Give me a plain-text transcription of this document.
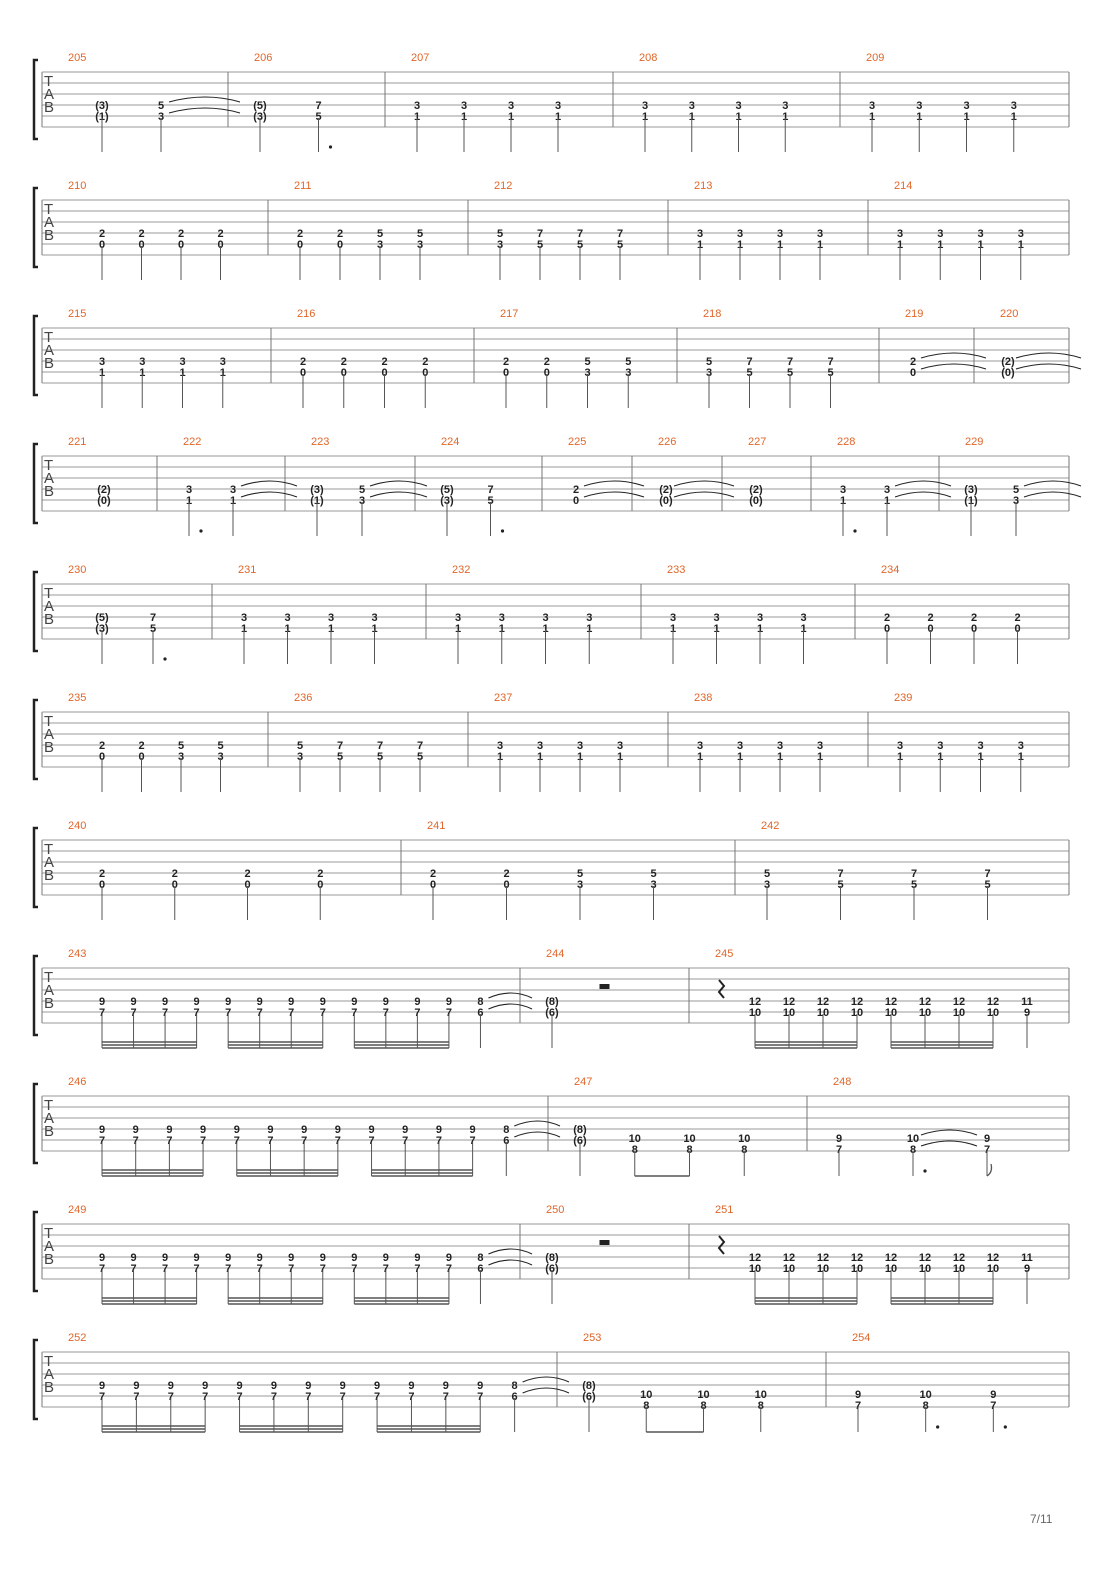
T
A
B
205
(3)
(1)
5
3
206
(5)
(3)
7
5
207
3
1
3
1
3
1
3
1
208
3
1
3
1
3
1
3
1
209
3
1
3
1
3
1
3
1
T
A
B
210
2
0
2
0
2
0
2
0
211
2
0
2
0
5
3
5
3
212
5
3
7
5
7
5
7
5
213
3
1
3
1
3
1
3
1
214
3
1
3
1
3
1
3
1
T
A
B
215
3
1
3
1
3
1
3
1
216
2
0
2
0
2
0
2
0
217
2
0
2
0
5
3
5
3
218
5
3
7
5
7
5
7
5
219
2
0
220
(2)
(0)
T
A
B
221
(2)
(0)
222
3
1
3
1
223
(3)
(1)
5
3
224
(5)
(3)
7
5
225
2
0
226
(2)
(0)
227
(2)
(0)
228
3
1
3
1
229
(3)
(1)
5
3
T
A
B
230
(5)
(3)
7
5
231
3
1
3
1
3
1
3
1
232
3
1
3
1
3
1
3
1
233
3
1
3
1
3
1
3
1
234
2
0
2
0
2
0
2
0
T
A
B
235
2
0
2
0
5
3
5
3
236
5
3
7
5
7
5
7
5
237
3
1
3
1
3
1
3
1
238
3
1
3
1
3
1
3
1
239
3
1
3
1
3
1
3
1
T
A
B
240
2
0
2
0
2
0
2
0
241
2
0
2
0
5
3
5
3
242
5
3
7
5
7
5
7
5
T
A
B
243
9
7
9
7
9
7
9
7
9
7
9
7
9
7
9
7
9
7
9
7
9
7
9
7
8
6
244
(8)
(6)
245
12
10
12
10
12
10
12
10
12
10
12
10
12
10
12
10
11
9
T
A
B
246
9
7
9
7
9
7
9
7
9
7
9
7
9
7
9
7
9
7
9
7
9
7
9
7
8
6
247
(8)
(6)	10
8
10
8
10
8
248
9
7
10
8
9
7
T
A
B
249
9
7
9
7
9
7
9
7
9
7
9
7
9
7
9
7
9
7
9
7
9
7
9
7
8
6
250
(8)
(6)
251
12
10
12
10
12
10
12
10
12
10
12
10
12
10
12
10
11
9
T
A
B
252
9
7
9
7
9
7
9
7
9
7
9
7
9
7
9
7
9
7
9
7
9
7
9
7
8
6
253
(8)
(6)	10
8
10
8
10
8
254
9
7
10
8
9
7
7/11
